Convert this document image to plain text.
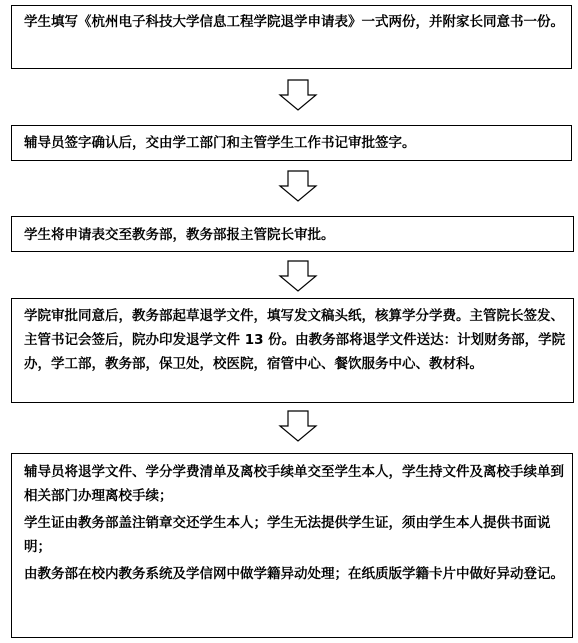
学生填写《杭州电子科技大学信息工程学院退学申请表》一式两份，并附家长同意书一份。

辅导员签字确认后，交由学工部门和主管学生工作书记审批签字。

学生将申请表交至教务部，教务部报主管院长审批。

学院审批同意后，教务部起草退学文件，填写发文稿头纸，核算学分学费。主管院长签发、主管书记会签后，院办印发退学文件 13 份。由教务部将退学文件送达：计划财务部，学院办，学工部，教务部，保卫处，校医院，宿管中心、餐饮服务中心、教材科。

辅导员将退学文件、学分学费清单及离校手续单交至学生本人，学生持文件及离校手续单到相关部门办理离校手续；

学生证由教务部盖注销章交还学生本人；学生无法提供学生证，须由学生本人提供书面说明；

由教务部在校内教务系统及学信网中做学籍异动处理；在纸质版学籍卡片中做好异动登记。
